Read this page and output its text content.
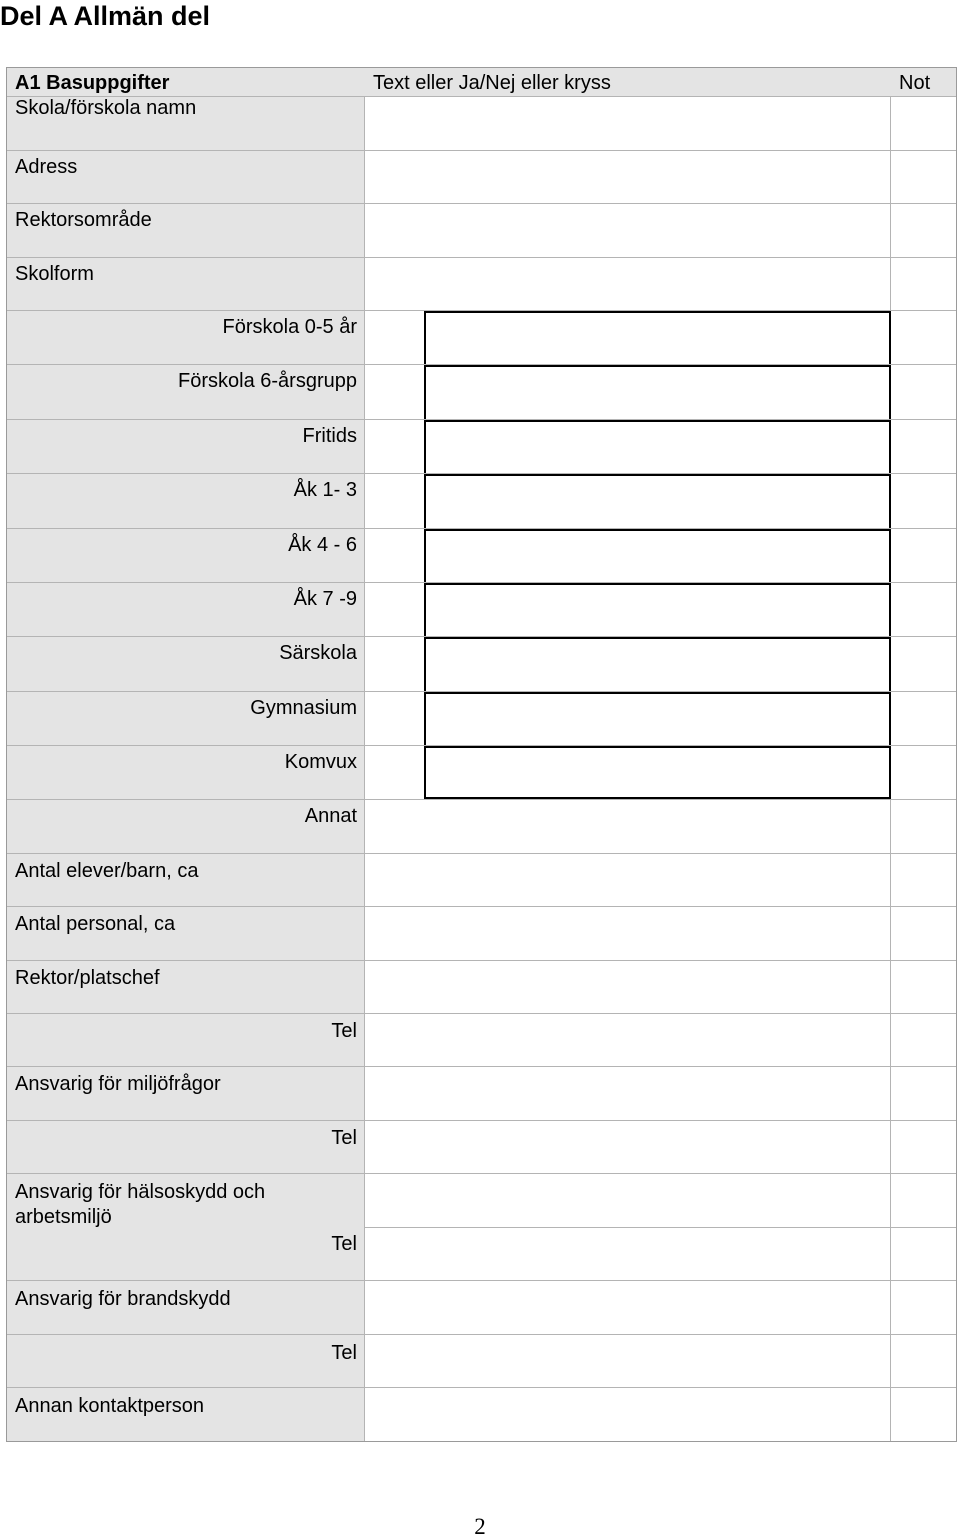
Del A Allmän del
A1 Basuppgifter	Text eller Ja/Nej eller kryss	Not
Skola/förskola namn
Adress
Rektorsområde
Skolform
Förskola 0-5 år
Förskola 6-årsgrupp
Fritids
Åk 1- 3
Åk 4 - 6
Åk 7 -9
Särskola
Gymnasium
Komvux
Annat
Antal elever/barn, ca
Antal personal, ca
Rektor/platschef
Tel
Ansvarig för miljöfrågor
Tel
Ansvarig för hälsoskydd och arbetsmiljö
Tel
Ansvarig för brandskydd
Tel
Annan kontaktperson
2
